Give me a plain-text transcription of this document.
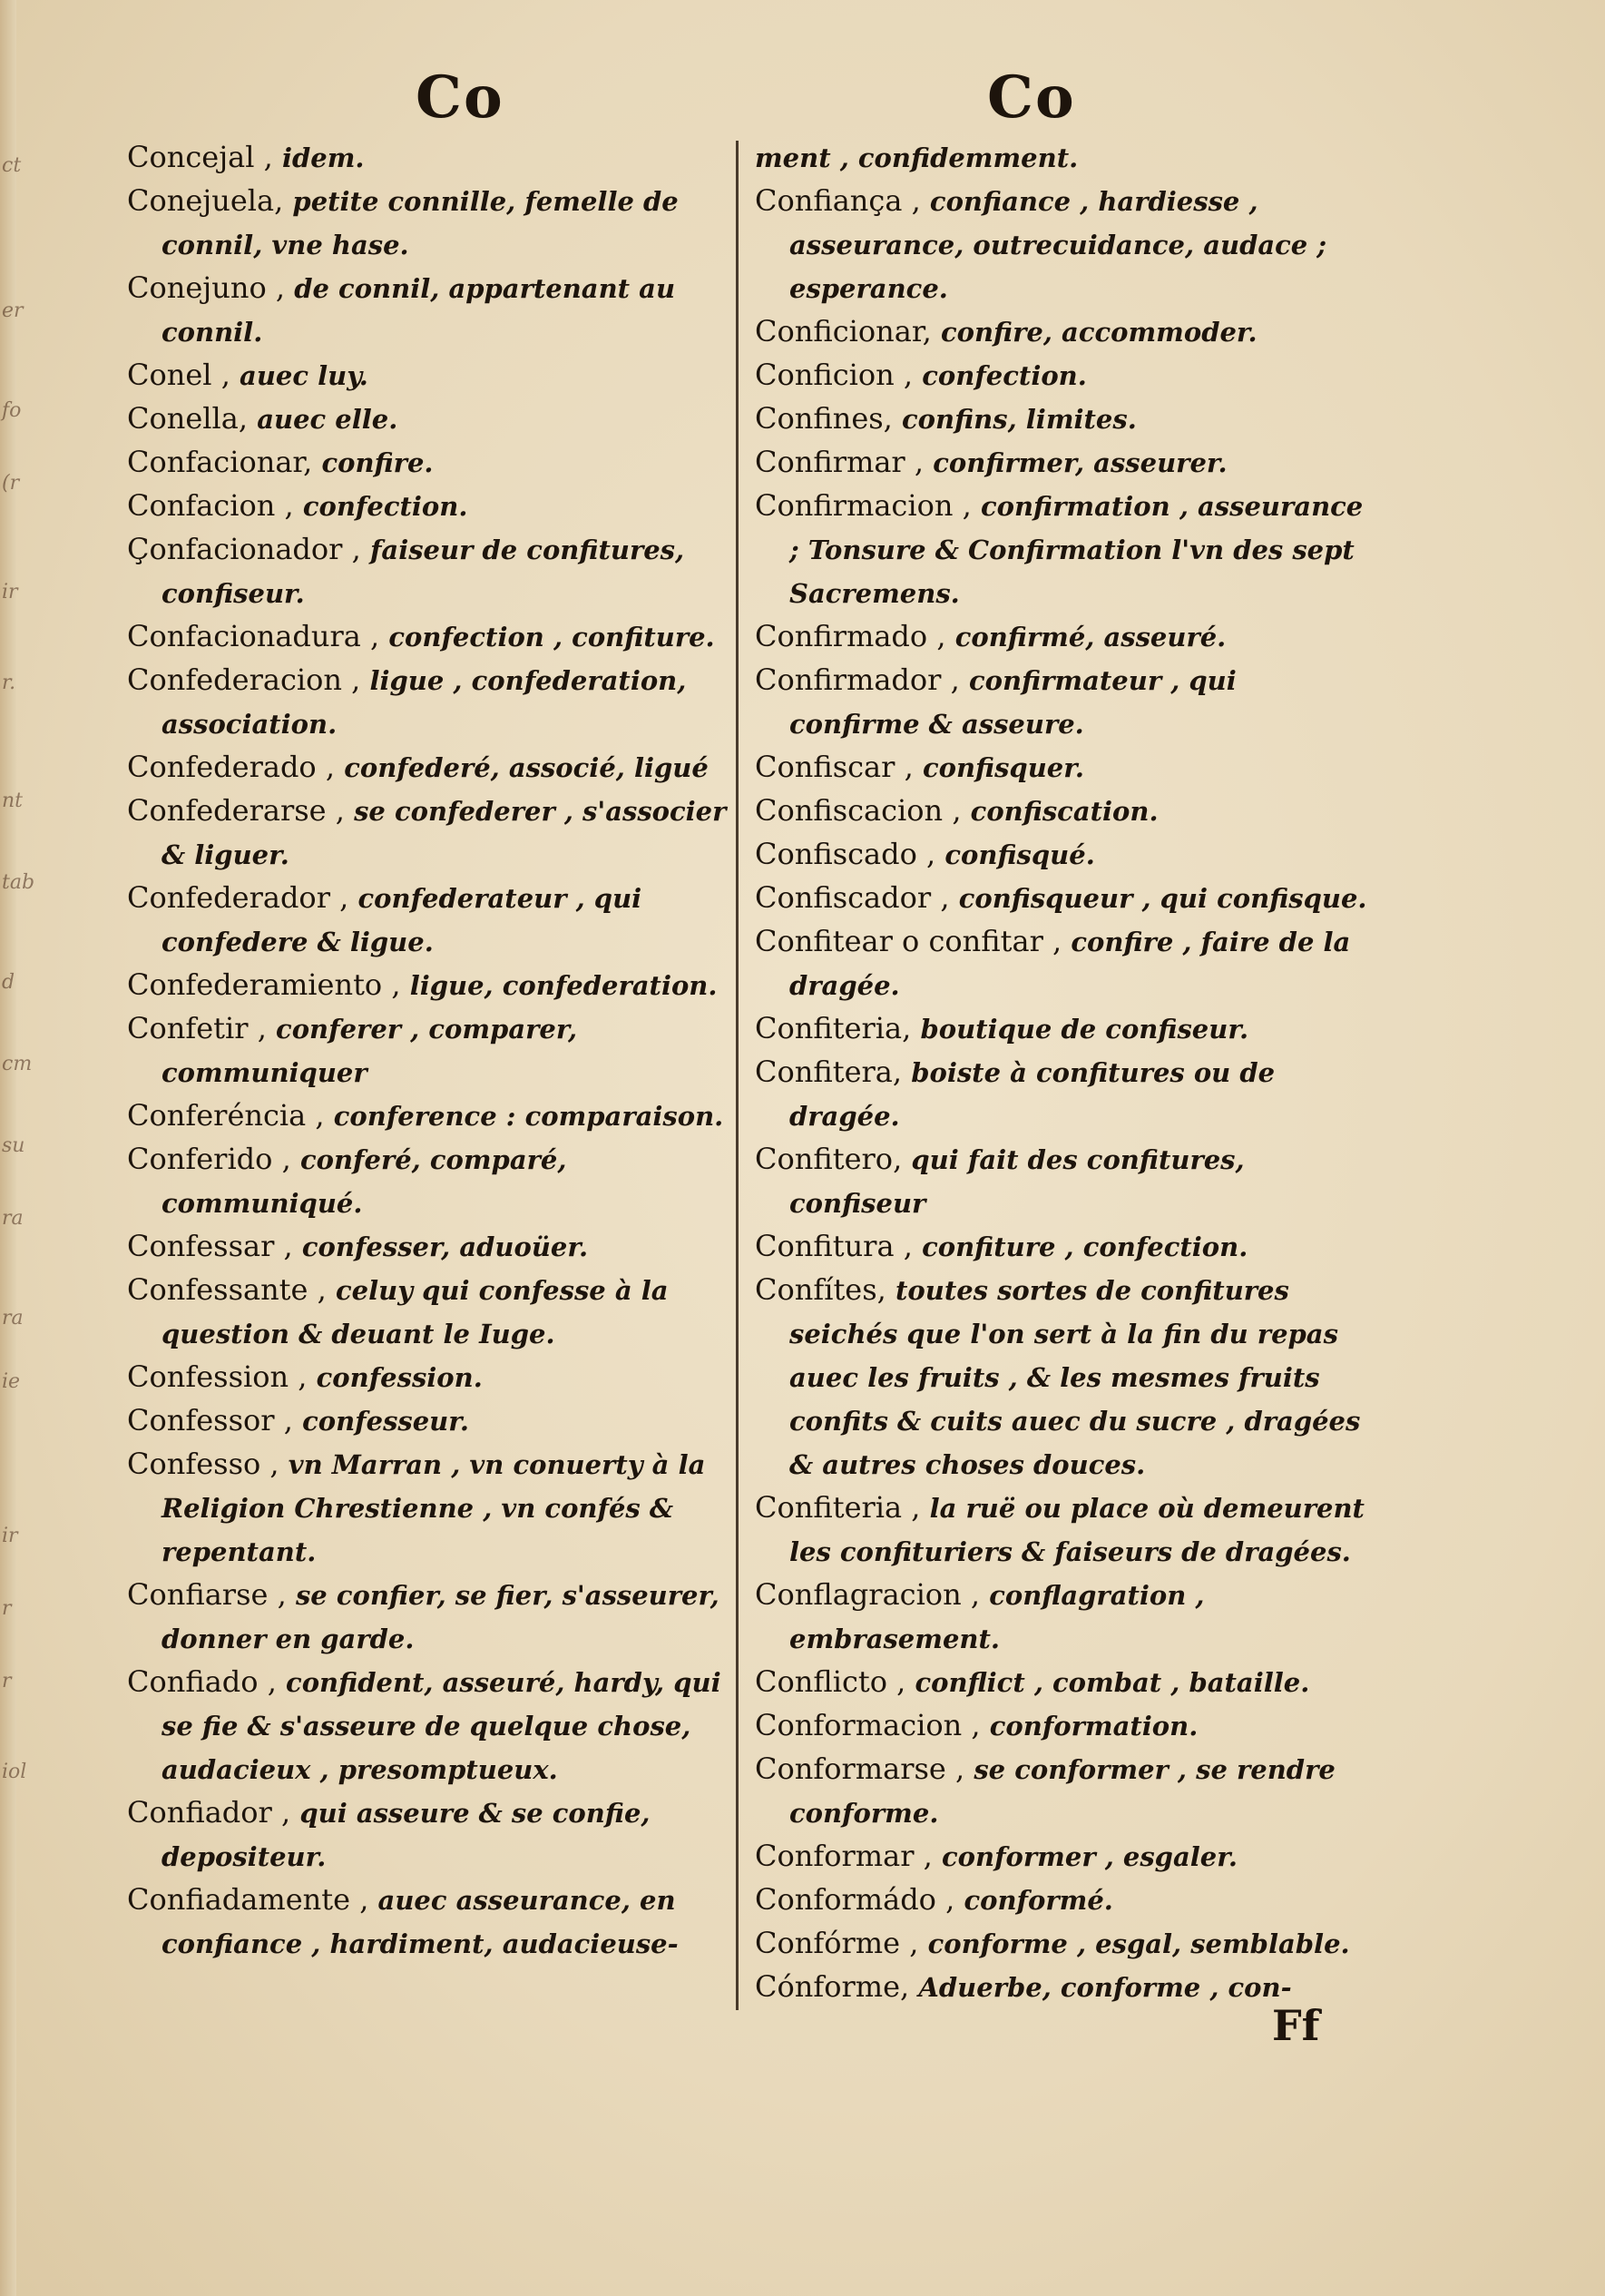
ct
er
fo
(r
ir
r.
nt
tab
d
cm
su
ra
ra
ie
ir
r
r
iol
Co	Co

Concejal , idem.

Conejuela, petite connille, femelle de connil, vne hase.

Conejuno , de connil, appartenant au connil.

Conel , auec luy.

Conella, auec elle.

Confacionar, confire.

Confacion , confection.

Çonfacionador , faiseur de confitures, confiseur.

Confacionadura , confection , confiture.

Confederacion , ligue , confederation, association.

Confederado , confederé, associé, ligué

Confederarse , se confederer , s'associer & liguer.

Confederador , confederateur , qui confedere & ligue.

Confederamiento , ligue, confederation.

Confetir , conferer , comparer, communiquer

Conferéncia , conference : comparaison.

Conferido , conferé, comparé, communiqué.

Confessar , confesser, aduoüer.

Confessante , celuy qui confesse à la question & deuant le Iuge.

Confession , confession.

Confessor , confesseur.

Confesso , vn Marran , vn conuerty à la Religion Chrestienne , vn confés & repentant.

Confiarse , se confier, se fier, s'asseurer, donner en garde.

Confiado , confident, asseuré, hardy, qui se fie & s'asseure de quelque chose, audacieux , presomptueux.

Confiador , qui asseure & se confie, depositeur.

Confiadamente , auec asseurance, en confiance , hardiment, audacieuse-

ment , confidemment.

Confiança , confiance , hardiesse , asseurance, outrecuidance, audace ; esperance.

Conficionar, confire, accommoder.

Conficion , confection.

Confines, confins, limites.

Confirmar , confirmer, asseurer.

Confirmacion , confirmation , asseurance ; Tonsure & Confirmation l'vn des sept Sacremens.

Confirmado , confirmé, asseuré.

Confirmador , confirmateur , qui confirme & asseure.

Confiscar , confisquer.

Confiscacion , confiscation.

Confiscado , confisqué.

Confiscador , confisqueur , qui confisque.

Confitear o confitar , confire , faire de la dragée.

Confiteria, boutique de confiseur.

Confitera, boiste à confitures ou de dragée.

Confitero, qui fait des confitures, confiseur

Confitura , confiture , confection.

Confítes, toutes sortes de confitures seichés que l'on sert à la fin du repas auec les fruits , & les mesmes fruits confits & cuits auec du sucre , dragées & autres choses douces.

Confiteria , la ruë ou place où demeurent les confituriers & faiseurs de dragées.

Conflagracion , conflagration , embrasement.

Conflicto , conflict , combat , bataille.

Conformacion , conformation.

Conformarse , se conformer , se rendre conforme.

Conformar , conformer , esgaler.

Conformádo , conformé.

Confórme , conforme , esgal, semblable.

Cónforme, Aduerbe, conforme , con-

Ff
